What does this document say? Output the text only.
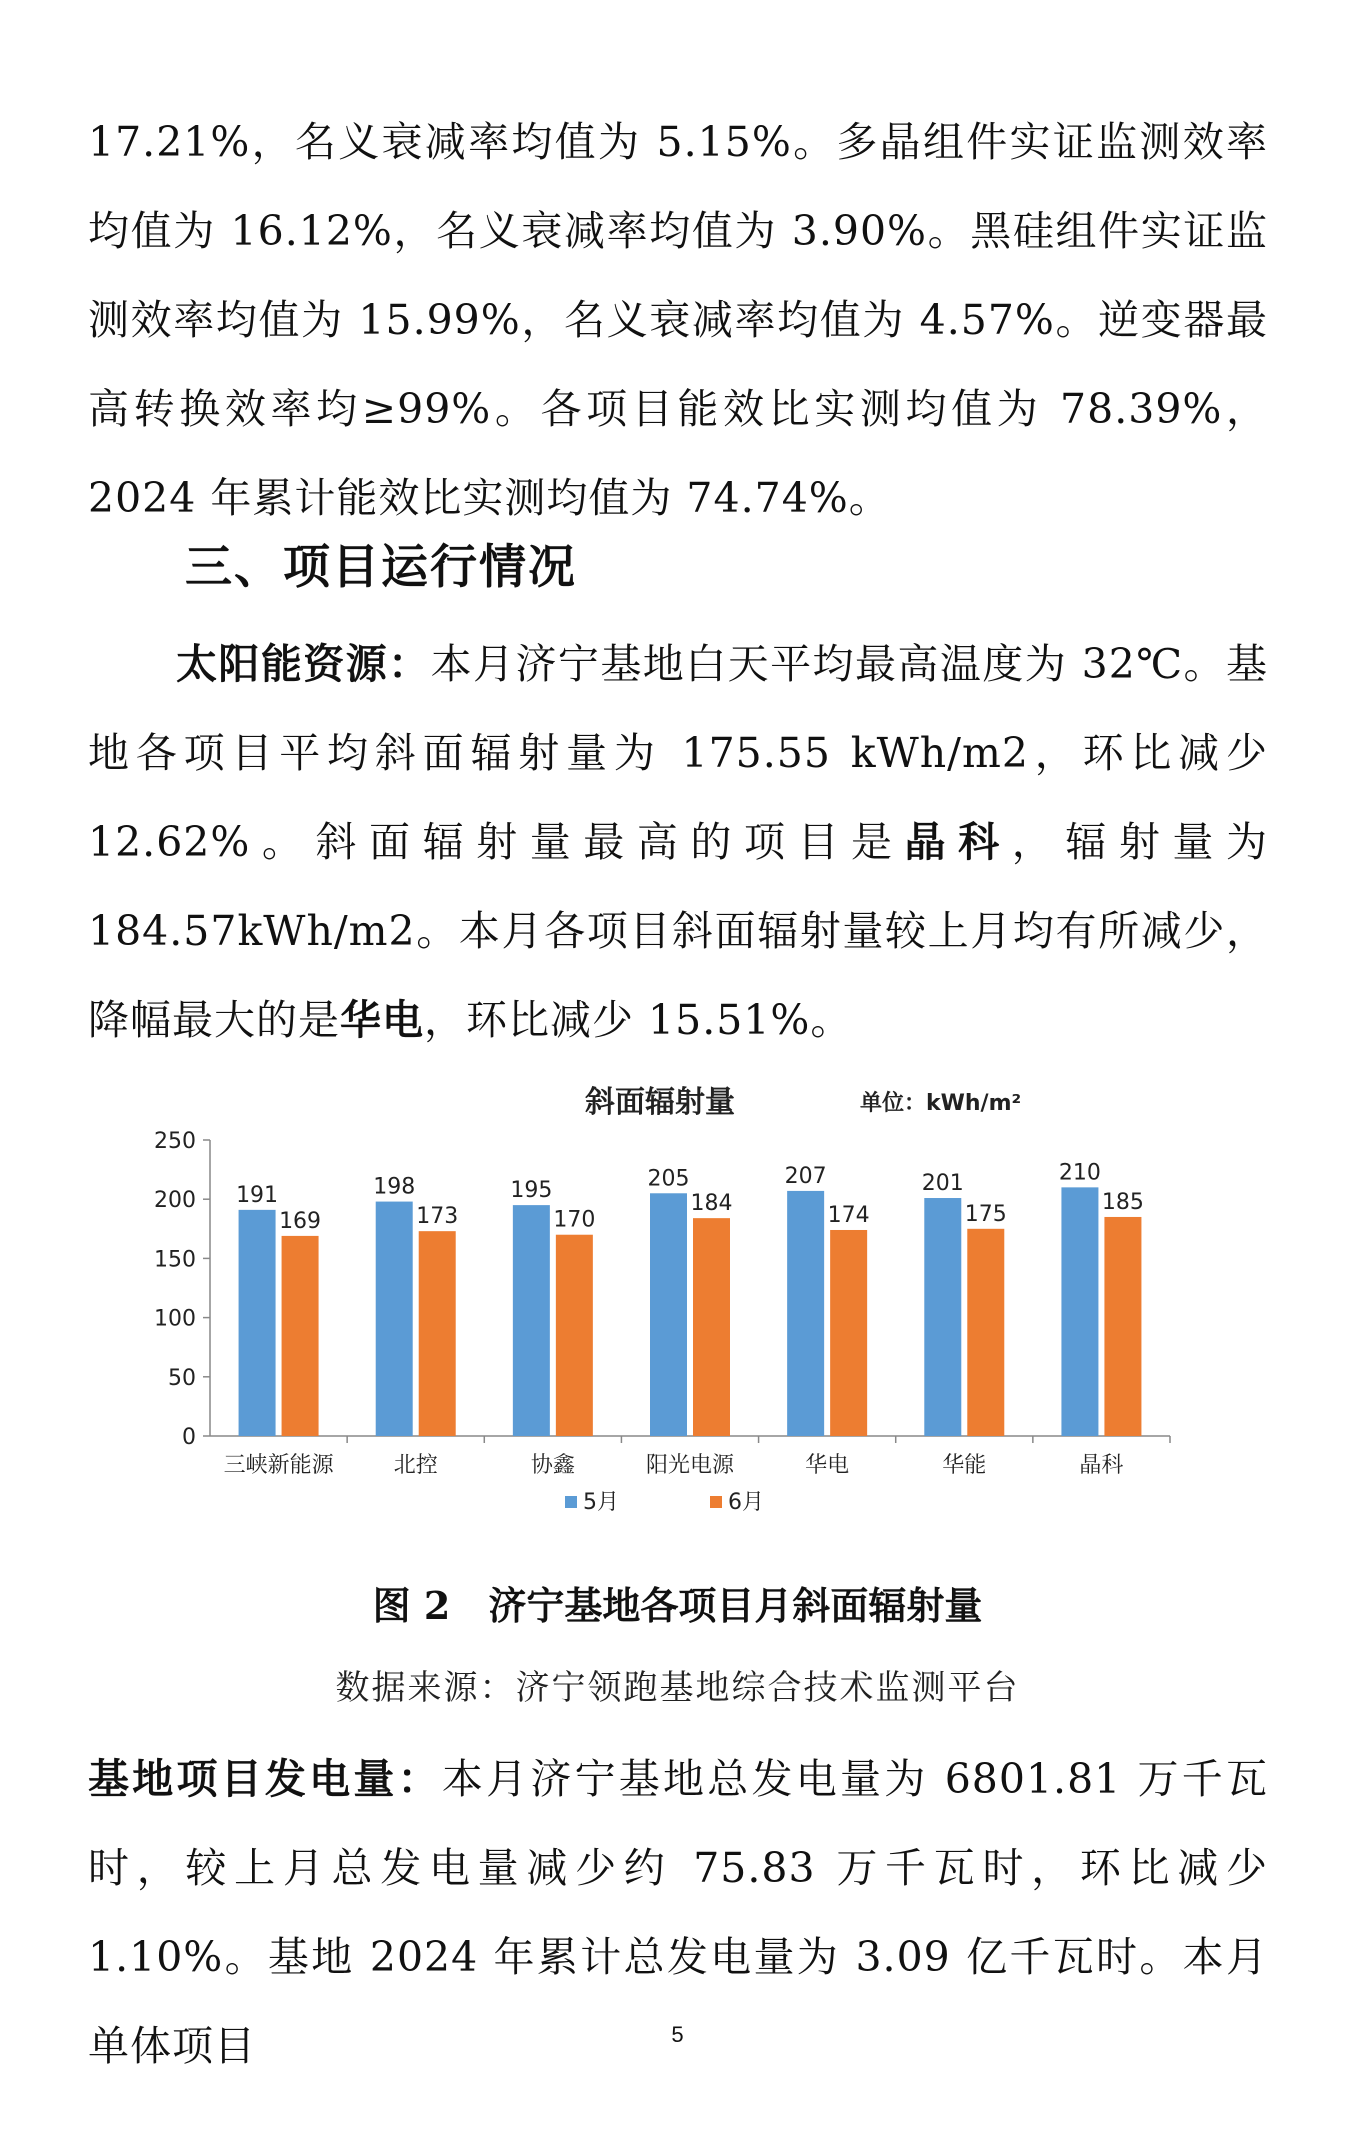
17.21%，名义衰减率均值为 5.15%。多晶组件实证监测效率均值为 16.12%，名义衰减率均值为 3.90%。黑硅组件实证监测效率均值为 15.99%，名义衰减率均值为 4.57%。逆变器最高转换效率均≥99%。各项目能效比实测均值为 78.39%，2024 年累计能效比实测均值为 74.74%。
三、项目运行情况
太阳能资源：本月济宁基地白天平均最高温度为 32℃。基地各项目平均斜面辐射量为 175.55 kWh/m2，环比减少 12.62%。斜面辐射量最高的项目是晶科，辐射量为 184.57kWh/m2。本月各项目斜面辐射量较上月均有所减少，降幅最大的是华电，环比减少 15.51%。
斜面辐射量	单位：kWh/m²
0
50
100
150
200
250
191
169
三峡新能源
198
173
北控
195
170
协鑫
205
184
阳光电源
207
174
华电
201
175
华能
210
185
晶科
5月	6月
图 2　济宁基地各项目月斜面辐射量
数据来源：济宁领跑基地综合技术监测平台
基地项目发电量：本月济宁基地总发电量为 6801.81 万千瓦时，较上月总发电量减少约 75.83 万千瓦时，环比减少 1.10%。基地 2024 年累计总发电量为 3.09 亿千瓦时。本月单体项目	5
